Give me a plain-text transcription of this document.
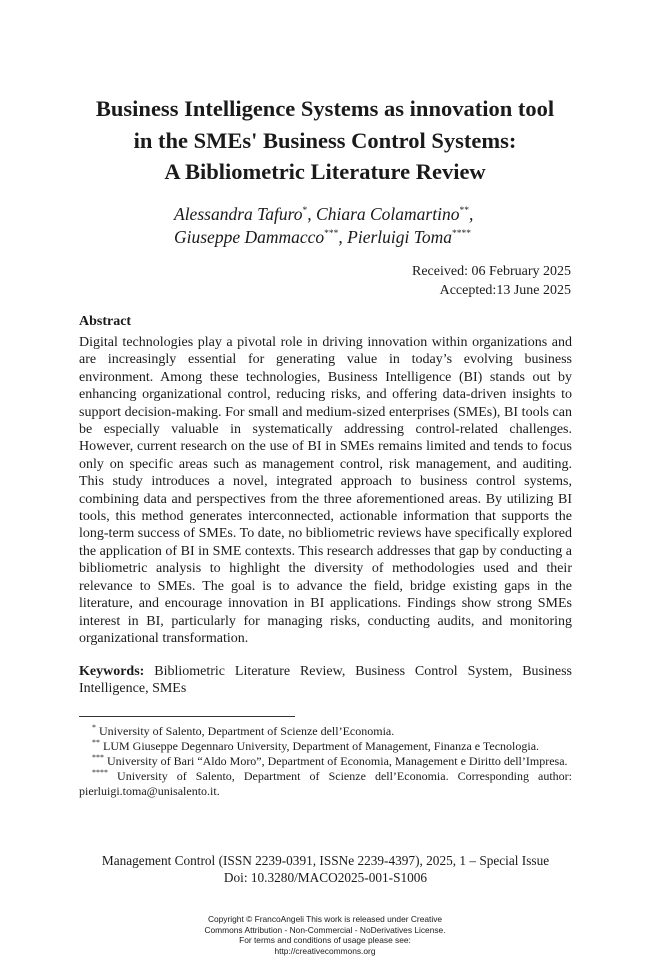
Business Intelligence Systems as innovation tool
in the SMEs' Business Control Systems:
A Bibliometric Literature Review
Alessandra Tafuro*, Chiara Colamartino**,
Giuseppe Dammacco***, Pierluigi Toma****
Received: 06 February 2025
Accepted:13 June 2025
Abstract

Digital technologies play a pivotal role in driving innovation within organizations and are increasingly essential for generating value in today’s evolving business environment. Among these technologies, Business Intelligence (BI) stands out by enhancing organizational control, reducing risks, and offering data-driven insights to support decision-making. For small and medium-sized enterprises (SMEs), BI tools can be especially valuable in systematically addressing control-related challenges. However, current research on the use of BI in SMEs remains limited and tends to focus only on specific areas such as management control, risk management, and auditing. This study introduces a novel, integrated approach to business control systems, combining data and perspectives from the three aforementioned areas. By utilizing BI tools, this method generates interconnected, actionable information that supports the long-term success of SMEs. To date, no bibliometric reviews have specifically explored the application of BI in SME contexts. This research addresses that gap by conducting a bibliometric analysis to highlight the diversity of methodologies used and their relevance to SMEs. The goal is to advance the field, bridge existing gaps in the literature, and encourage innovation in BI applications. Findings show strong SMEs interest in BI, particularly for managing risks, conducting audits, and monitoring organizational transformation.

Keywords: Bibliometric Literature Review, Business Control System, Business Intelligence, SMEs

* University of Salento, Department of Scienze dell’Economia.

** LUM Giuseppe Degennaro University, Department of Management, Finanza e Tecnologia.

*** University of Bari “Aldo Moro”, Department of Economia, Management e Diritto dell’Impresa.

**** University of Salento, Department of Scienze dell’Economia. Corresponding author: pierluigi.toma@unisalento.it.

Management Control (ISSN 2239-0391, ISSNe 2239-4397), 2025, 1 – Special Issue
Doi: 10.3280/MACO2025-001-S1006
Copyright © FrancoAngeli This work is released under Creative
Commons Attribution - Non-Commercial - NoDerivatives License.
For terms and conditions of usage please see:
http://creativecommons.org
